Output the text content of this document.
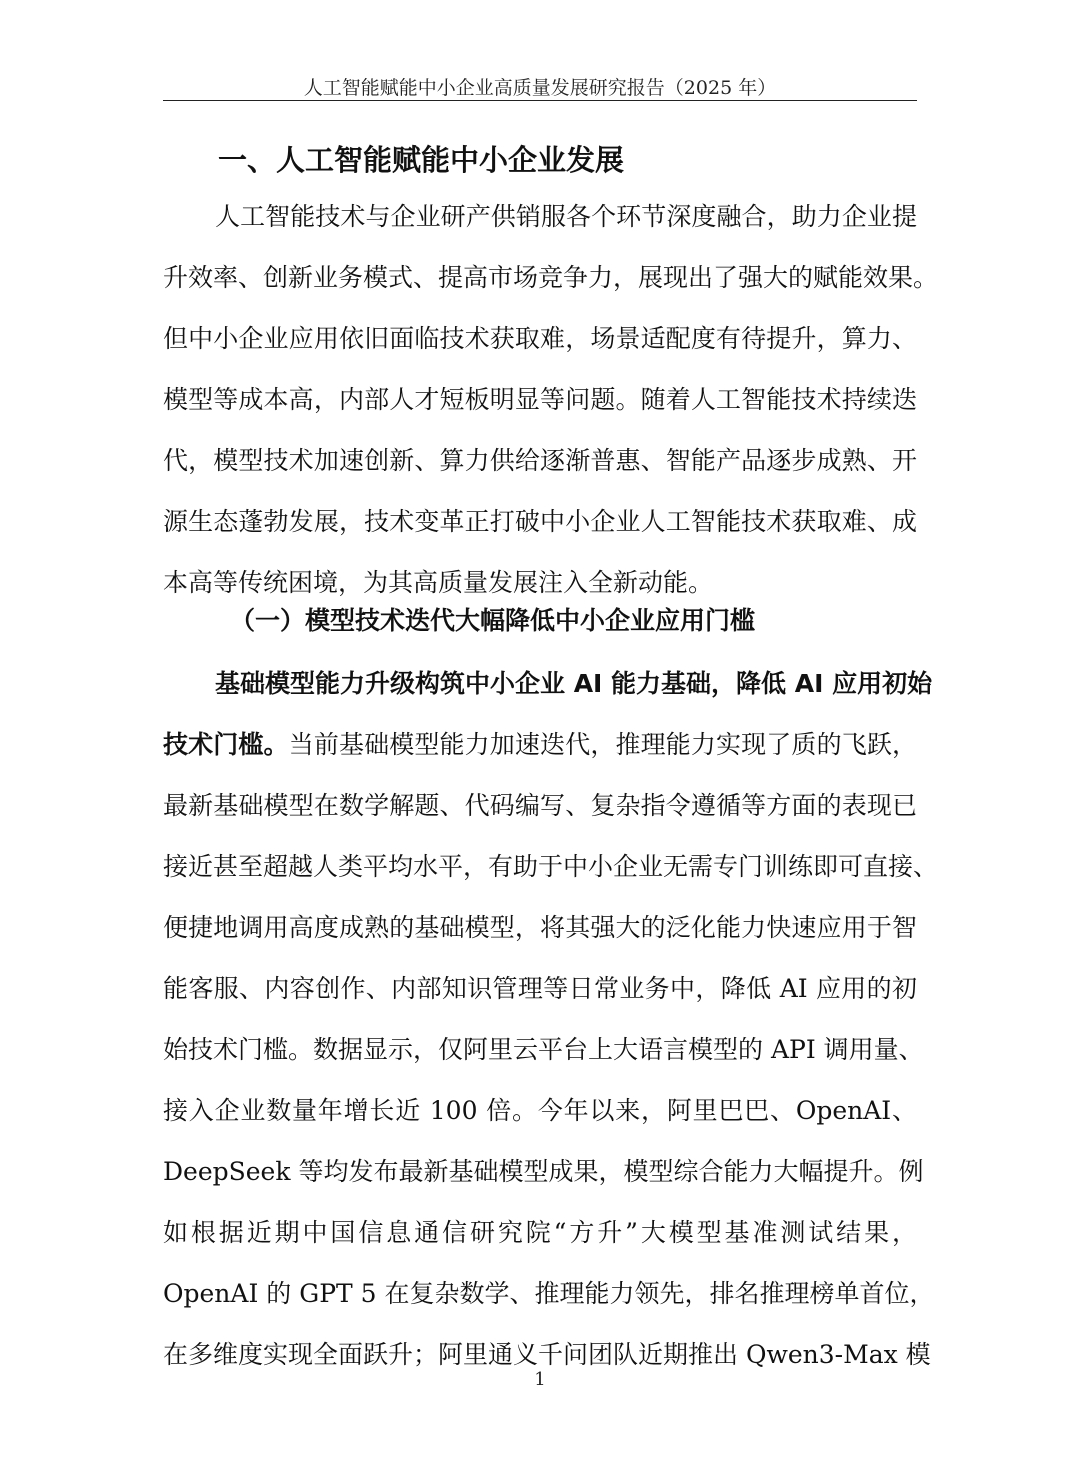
人工智能赋能中小企业高质量发展研究报告（2025 年）
一、人工智能赋能中小企业发展
人工智能技术与企业研产供销服各个环节深度融合，助力企业提
升效率、创新业务模式、提高市场竞争力，展现出了强大的赋能效果。
但中小企业应用依旧面临技术获取难，场景适配度有待提升，算力、
模型等成本高，内部人才短板明显等问题。随着人工智能技术持续迭
代，模型技术加速创新、算力供给逐渐普惠、智能产品逐步成熟、开
源生态蓬勃发展，技术变革正打破中小企业人工智能技术获取难、成
本高等传统困境，为其高质量发展注入全新动能。
（一）模型技术迭代大幅降低中小企业应用门槛
基础模型能力升级构筑中小企业 AI 能力基础，降低 AI 应用初始
技术门槛。当前基础模型能力加速迭代，推理能力实现了质的飞跃，
最新基础模型在数学解题、代码编写、复杂指令遵循等方面的表现已
接近甚至超越人类平均水平，有助于中小企业无需专门训练即可直接、
便捷地调用高度成熟的基础模型，将其强大的泛化能力快速应用于智
能客服、内容创作、内部知识管理等日常业务中，降低 AI 应用的初
始技术门槛。数据显示，仅阿里云平台上大语言模型的 API 调用量、
接入企业数量年增长近 100 倍。今年以来，阿里巴巴、OpenAI、
DeepSeek 等均发布最新基础模型成果，模型综合能力大幅提升。例
如根据近期中国信息通信研究院“方升”大模型基准测试结果，
OpenAI 的 GPT 5 在复杂数学、推理能力领先，排名推理榜单首位，
在多维度实现全面跃升；阿里通义千问团队近期推出 Qwen3-Max 模
1
